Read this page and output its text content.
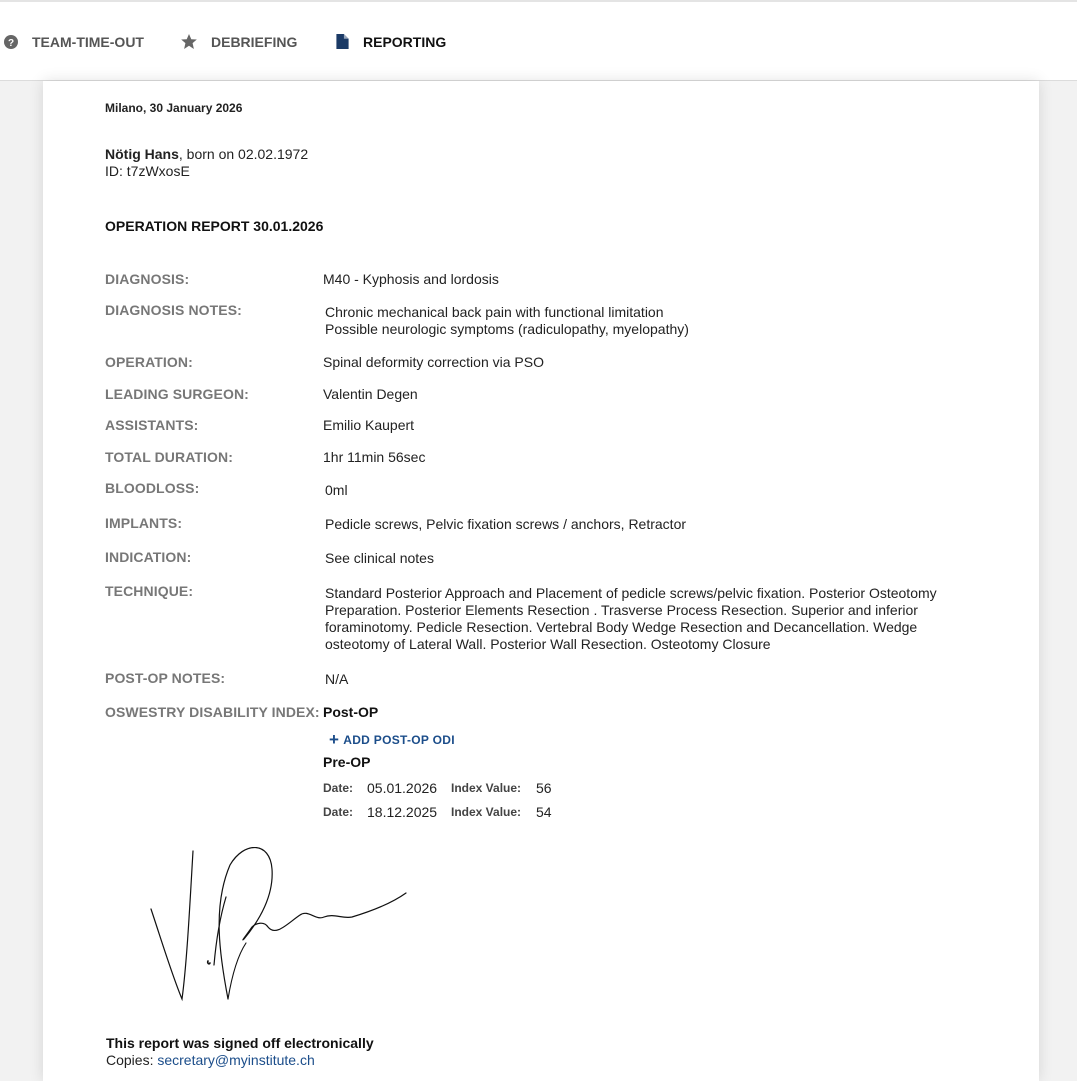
? TEAM-TIME-OUT	DEBRIEFING	REPORTING
Milano, 30 January 2026
Nötig Hans, born on 02.02.1972
ID: t7zWxosE
OPERATION REPORT 30.01.2026
DIAGNOSIS:	M40 - Kyphosis and lordosis
DIAGNOSIS NOTES:	Chronic mechanical back pain with functional limitation
Possible neurologic symptoms (radiculopathy, myelopathy)
OPERATION:	Spinal deformity correction via PSO
LEADING SURGEON:	Valentin Degen
ASSISTANTS:	Emilio Kaupert
TOTAL DURATION:	1hr 11min 56sec
BLOODLOSS:	0ml
IMPLANTS:	Pedicle screws, Pelvic fixation screws / anchors, Retractor
INDICATION:	See clinical notes
TECHNIQUE:	Standard Posterior Approach and Placement of pedicle screws/pelvic fixation. Posterior Osteotomy Preparation. Posterior Elements Resection . Trasverse Process Resection. Superior and inferior foraminotomy. Pedicle Resection. Vertebral Body Wedge Resection and Decancellation. Wedge osteotomy of Lateral Wall. Posterior Wall Resection. Osteotomy Closure
POST-OP NOTES:	N/A
OSWESTRY DISABILITY INDEX: Post-OP
+ ADD POST-OP ODI
Pre-OP
Date: 05.01.2026	Index Value:	56
Date: 18.12.2025	Index Value:	54
This report was signed off electronically
Copies: secretary@myinstitute.ch
